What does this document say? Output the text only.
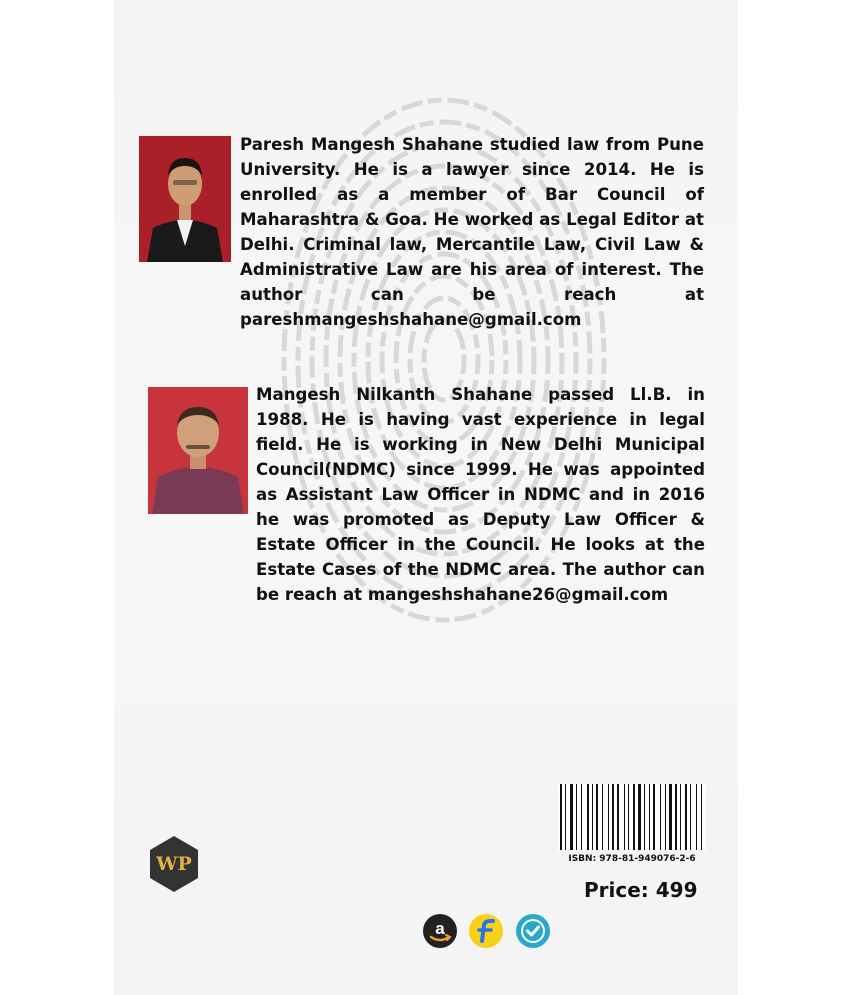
Paresh Mangesh Shahane studied law from Pune University. He is a lawyer since 2014. He is enrolled as a member of Bar Council of Maharashtra & Goa. He worked as Legal Editor at Delhi. Criminal law, Mercantile Law, Civil Law & Administrative Law are his area of interest. The author can be reach at pareshmangeshshahane@gmail.com

Mangesh Nilkanth Shahane passed Ll.B. in 1988. He is having vast experience in legal field. He is working in New Delhi Municipal Council(NDMC) since 1999. He was appointed as Assistant Law Officer in NDMC and in 2016 he was promoted as Deputy Law Officer & Estate Officer in the Council. He looks at the Estate Cases of the NDMC area. The author can be reach at mangeshshahane26@gmail.com

WP	ISBN: 978-81-949076-2-6
Price: 499
a
